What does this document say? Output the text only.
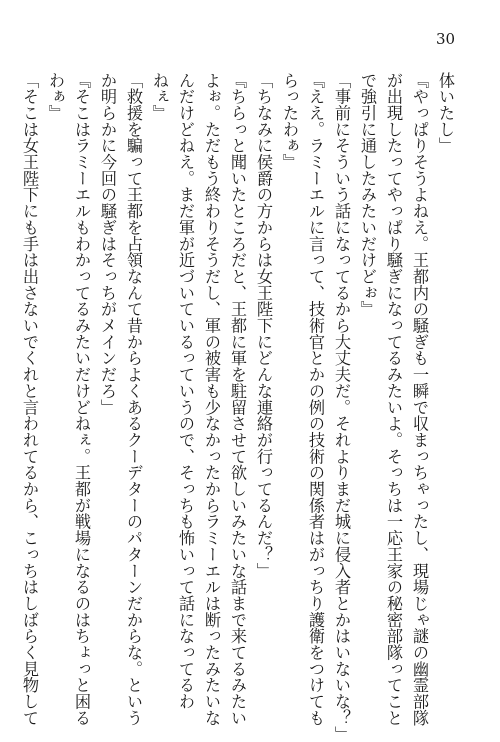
30
体いたし」
『やっぱりそうよねえ。王都内の騒ぎも一瞬で収まっちゃったし、現場じゃ謎の幽霊部隊
が出現したってやっぱり騒ぎになってるみたいよ。そっちは一応王家の秘密部隊ってこと
で強引に通したみたいだけどぉ』
「事前にそういう話になってるから大丈夫だ。それよりまだ城に侵入者とかはいないな？」
『ええ。ラミーエルに言って、技術官とかの例の技術の関係者はがっちり護衛をつけても
らったわぁ』
「ちなみに侯爵の方からは女王陛下にどんな連絡が行ってるんだ？」
『ちらっと聞いたところだと、王都に軍を駐留させて欲しいみたいな話まで来てるみたい
よぉ。ただもう終わりそうだし、軍の被害も少なかったからラミーエルは断ったみたいな
んだけどねえ。まだ軍が近づいているっていうので、そっちも怖いって話になってるわ
ねぇ』
「救援を騙って王都を占領なんて昔からよくあるクーデターのパターンだからな。という
か明らかに今回の騒ぎはそっちがメインだろ」
『そこはラミーエルもわかってるみたいだけどねぇ。王都が戦場になるのはちょっと困る
わぁ』
「そこは女王陛下にも手は出さないでくれと言われてるから、こっちはしばらく見物して
